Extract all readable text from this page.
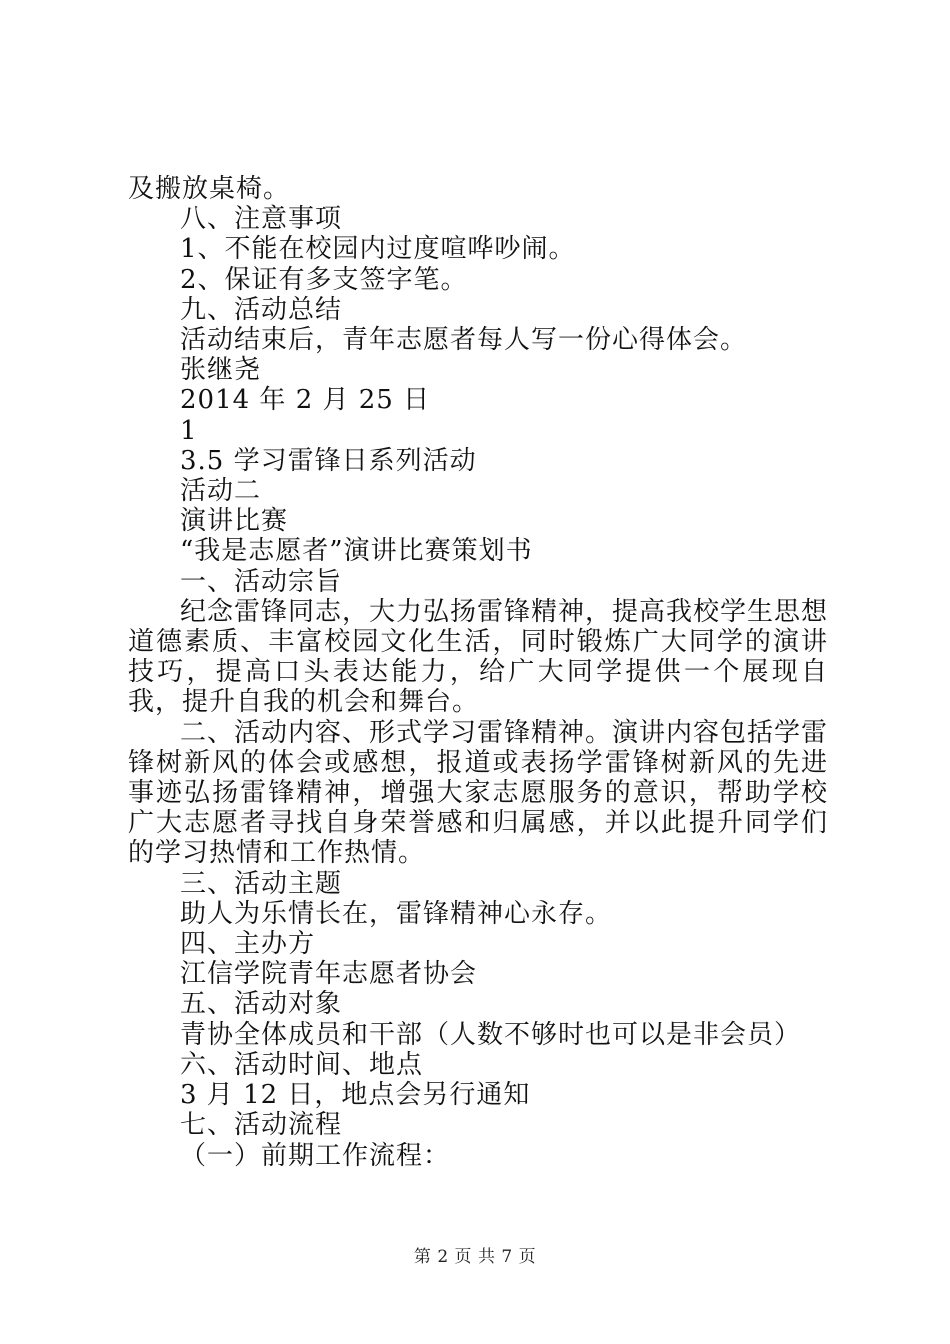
及搬放桌椅。
八、注意事项
1、不能在校园内过度喧哗吵闹。
2、保证有多支签字笔。
九、活动总结
活动结束后，青年志愿者每人写一份心得体会。
张继尧
2014 年 2 月 25 日
1
3.5 学习雷锋日系列活动
活动二
演讲比赛
“我是志愿者”演讲比赛策划书
一、活动宗旨
纪念雷锋同志，大力弘扬雷锋精神，提高我校学生思想道德素质、丰富校园文化生活，同时锻炼广大同学的演讲技巧，提高口头表达能力，给广大同学提供一个展现自我，提升自我的机会和舞台。
二、活动内容、形式学习雷锋精神。演讲内容包括学雷锋树新风的体会或感想，报道或表扬学雷锋树新风的先进事迹弘扬雷锋精神，增强大家志愿服务的意识，帮助学校广大志愿者寻找自身荣誉感和归属感，并以此提升同学们的学习热情和工作热情。
三、活动主题
助人为乐情长在，雷锋精神心永存。
四、主办方
江信学院青年志愿者协会
五、活动对象
青协全体成员和干部（人数不够时也可以是非会员）
六、活动时间、地点
3 月 12 日，地点会另行通知
七、活动流程
（一）前期工作流程：
第 2 页 共 7 页
